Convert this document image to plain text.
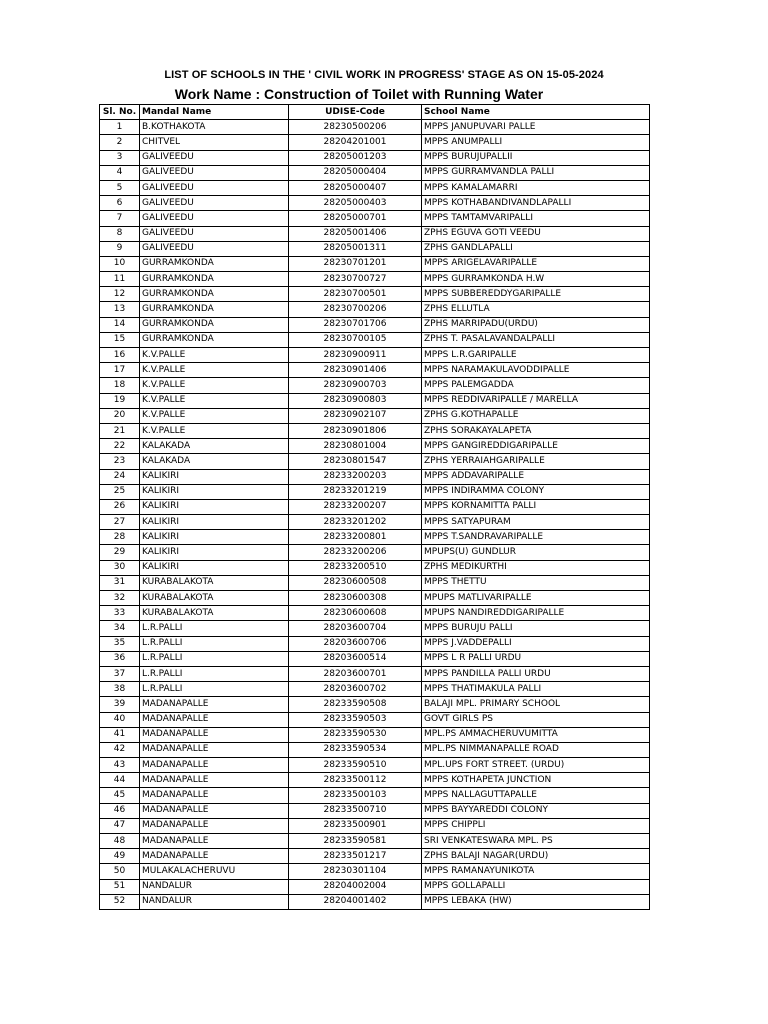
LIST OF SCHOOLS IN THE ' CIVIL WORK IN PROGRESS' STAGE AS ON 15-05-2024
Work Name : Construction of Toilet with Running Water
Sl. No.	Mandal Name	UDISE-Code	School Name
1	B.KOTHAKOTA	28230500206	MPPS JANUPUVARI PALLE
2	CHITVEL	28204201001	MPPS ANUMPALLI
3	GALIVEEDU	28205001203	MPPS BURUJUPALLII
4	GALIVEEDU	28205000404	MPPS GURRAMVANDLA PALLI
5	GALIVEEDU	28205000407	MPPS KAMALAMARRI
6	GALIVEEDU	28205000403	MPPS KOTHABANDIVANDLAPALLI
7	GALIVEEDU	28205000701	MPPS TAMTAMVARIPALLI
8	GALIVEEDU	28205001406	ZPHS EGUVA GOTI VEEDU
9	GALIVEEDU	28205001311	ZPHS GANDLAPALLI
10	GURRAMKONDA	28230701201	MPPS ARIGELAVARIPALLE
11	GURRAMKONDA	28230700727	MPPS GURRAMKONDA H.W
12	GURRAMKONDA	28230700501	MPPS SUBBEREDDYGARIPALLE
13	GURRAMKONDA	28230700206	ZPHS ELLUTLA
14	GURRAMKONDA	28230701706	ZPHS MARRIPADU(URDU)
15	GURRAMKONDA	28230700105	ZPHS T. PASALAVANDALPALLI
16	K.V.PALLE	28230900911	MPPS L.R.GARIPALLE
17	K.V.PALLE	28230901406	MPPS NARAMAKULAVODDIPALLE
18	K.V.PALLE	28230900703	MPPS PALEMGADDA
19	K.V.PALLE	28230900803	MPPS REDDIVARIPALLE / MARELLA
20	K.V.PALLE	28230902107	ZPHS G.KOTHAPALLE
21	K.V.PALLE	28230901806	ZPHS SORAKAYALAPETA
22	KALAKADA	28230801004	MPPS GANGIREDDIGARIPALLE
23	KALAKADA	28230801547	ZPHS YERRAIAHGARIPALLE
24	KALIKIRI	28233200203	MPPS ADDAVARIPALLE
25	KALIKIRI	28233201219	MPPS INDIRAMMA COLONY
26	KALIKIRI	28233200207	MPPS KORNAMITTA PALLI
27	KALIKIRI	28233201202	MPPS SATYAPURAM
28	KALIKIRI	28233200801	MPPS T.SANDRAVARIPALLE
29	KALIKIRI	28233200206	MPUPS(U) GUNDLUR
30	KALIKIRI	28233200510	ZPHS MEDIKURTHI
31	KURABALAKOTA	28230600508	MPPS THETTU
32	KURABALAKOTA	28230600308	MPUPS MATLIVARIPALLE
33	KURABALAKOTA	28230600608	MPUPS NANDIREDDIGARIPALLE
34	L.R.PALLI	28203600704	MPPS BURUJU PALLI
35	L.R.PALLI	28203600706	MPPS J.VADDEPALLI
36	L.R.PALLI	28203600514	MPPS L R PALLI URDU
37	L.R.PALLI	28203600701	MPPS PANDILLA PALLI URDU
38	L.R.PALLI	28203600702	MPPS THATIMAKULA PALLI
39	MADANAPALLE	28233590508	BALAJI MPL. PRIMARY SCHOOL
40	MADANAPALLE	28233590503	GOVT GIRLS PS
41	MADANAPALLE	28233590530	MPL.PS AMMACHERUVUMITTA
42	MADANAPALLE	28233590534	MPL.PS NIMMANAPALLE ROAD
43	MADANAPALLE	28233590510	MPL.UPS FORT STREET. (URDU)
44	MADANAPALLE	28233500112	MPPS KOTHAPETA JUNCTION
45	MADANAPALLE	28233500103	MPPS NALLAGUTTAPALLE
46	MADANAPALLE	28233500710	MPPS BAYYAREDDI COLONY
47	MADANAPALLE	28233500901	MPPS CHIPPLI
48	MADANAPALLE	28233590581	SRI VENKATESWARA MPL. PS
49	MADANAPALLE	28233501217	ZPHS BALAJI NAGAR(URDU)
50	MULAKALACHERUVU	28230301104	MPPS RAMANAYUNIKOTA
51	NANDALUR	28204002004	MPPS GOLLAPALLI
52	NANDALUR	28204001402	MPPS LEBAKA (HW)
